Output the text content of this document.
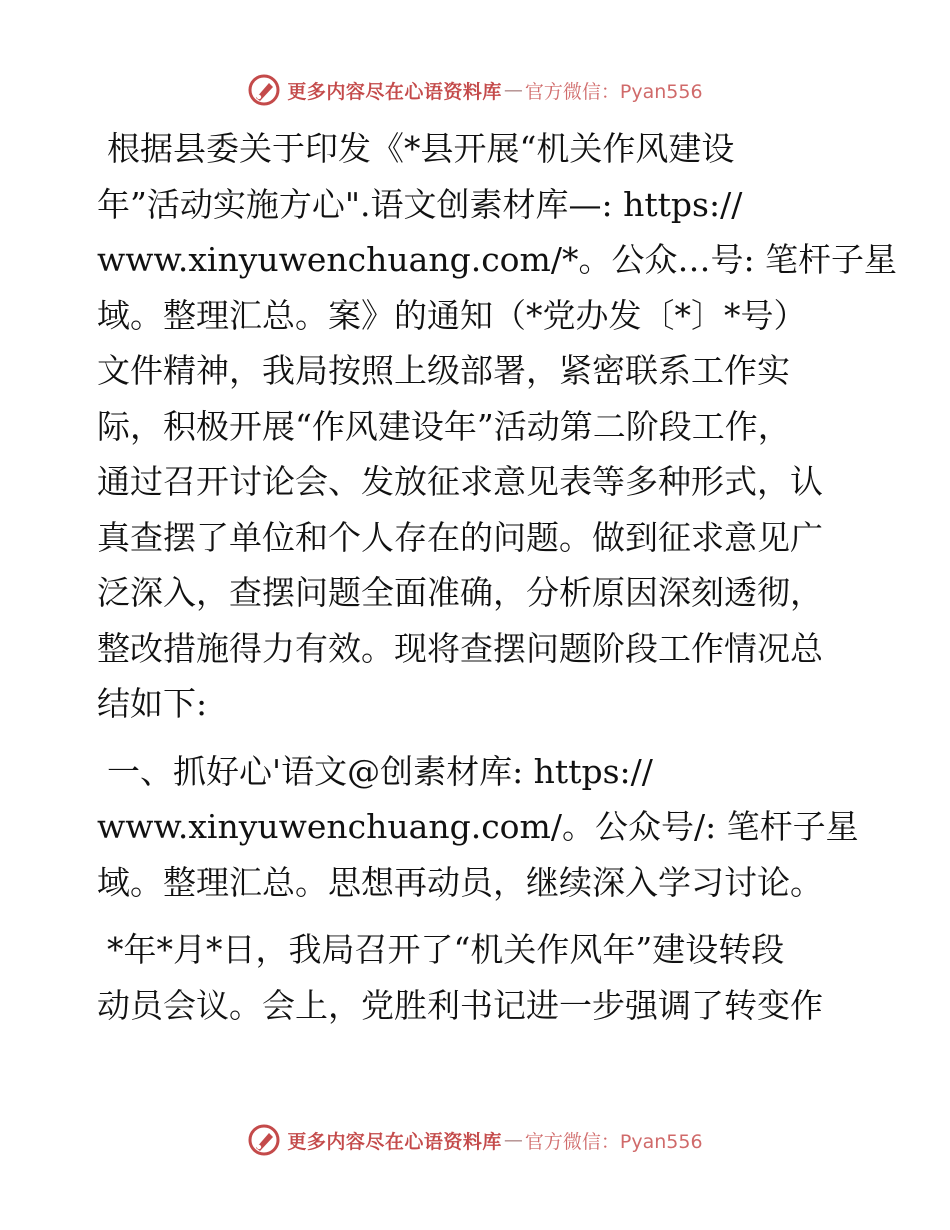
更多内容尽在心语资料库 — 官方微信：Pyan556

根据县委关于印发《*县开展“机关作风建设
年”活动实施方心".语文创素材库—: https://
www.xinyuwenchuang.com/*。公众…号: 笔杆子星
域。整理汇总。案》的通知（*党办发〔*〕*号）
文件精神，我局按照上级部署，紧密联系工作实
际，积极开展“作风建设年”活动第二阶段工作，
通过召开讨论会、发放征求意见表等多种形式，认
真查摆了单位和个人存在的问题。做到征求意见广
泛深入，查摆问题全面准确，分析原因深刻透彻，
整改措施得力有效。现将查摆问题阶段工作情况总
结如下:

一、抓好心'语文@创素材库: https://
www.xinyuwenchuang.com/。公众号/: 笔杆子星
域。整理汇总。思想再动员，继续深入学习讨论。

*年*月*日，我局召开了“机关作风年”建设转段
动员会议。会上，党胜利书记进一步强调了转变作

更多内容尽在心语资料库 — 官方微信：Pyan556
